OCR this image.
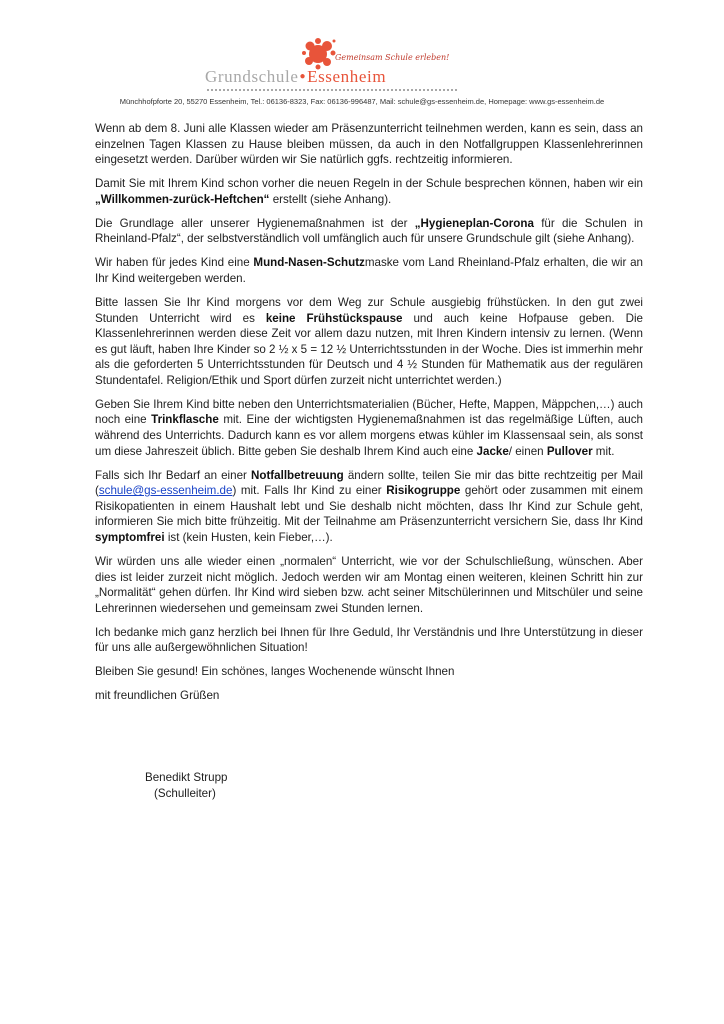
Gemeinsam Schule erleben!
Grundschule●Essenheim
Münchhofpforte 20, 55270 Essenheim, Tel.: 06136-8323, Fax: 06136-996487, Mail: schule@gs-essenheim.de, Homepage: www.gs-essenheim.de

Wenn ab dem 8. Juni alle Klassen wieder am Präsenzunterricht teilnehmen werden, kann es sein, dass an einzelnen Tagen Klassen zu Hause bleiben müssen, da auch in den Notfallgruppen Klassenlehrerinnen eingesetzt werden. Darüber würden wir Sie natürlich ggfs. rechtzeitig informieren.

Damit Sie mit Ihrem Kind schon vorher die neuen Regeln in der Schule besprechen können, haben wir ein „Willkommen-zurück-Heftchen“ erstellt (siehe Anhang).

Die Grundlage aller unserer Hygienemaßnahmen ist der „Hygieneplan-Corona für die Schulen in Rheinland-Pfalz“, der selbstverständlich voll umfänglich auch für unsere Grundschule gilt (siehe Anhang).

Wir haben für jedes Kind eine Mund-Nasen-Schutzmaske vom Land Rheinland-Pfalz erhalten, die wir an Ihr Kind weitergeben werden.

Bitte lassen Sie Ihr Kind morgens vor dem Weg zur Schule ausgiebig frühstücken. In den gut zwei Stunden Unterricht wird es keine Frühstückspause und auch keine Hofpause geben. Die Klassenlehrerinnen werden diese Zeit vor allem dazu nutzen, mit Ihren Kindern intensiv zu lernen. (Wenn es gut läuft, haben Ihre Kinder so 2 ½ x 5 = 12 ½ Unterrichtsstunden in der Woche. Dies ist immerhin mehr als die geforderten 5 Unterrichtsstunden für Deutsch und 4 ½ Stunden für Mathematik aus der regulären Stundentafel. Religion/Ethik und Sport dürfen zurzeit nicht unterrichtet werden.)

Geben Sie Ihrem Kind bitte neben den Unterrichtsmaterialien (Bücher, Hefte, Mappen, Mäppchen,…) auch noch eine Trinkflasche mit. Eine der wichtigsten Hygienemaßnahmen ist das regelmäßige Lüften, auch während des Unterrichts. Dadurch kann es vor allem morgens etwas kühler im Klassensaal sein, als sonst um diese Jahreszeit üblich. Bitte geben Sie deshalb Ihrem Kind auch eine Jacke/ einen Pullover mit.

Falls sich Ihr Bedarf an einer Notfallbetreuung ändern sollte, teilen Sie mir das bitte rechtzeitig per Mail (schule@gs-essenheim.de) mit. Falls Ihr Kind zu einer Risikogruppe gehört oder zusammen mit einem Risikopatienten in einem Haushalt lebt und Sie deshalb nicht möchten, dass Ihr Kind zur Schule geht, informieren Sie mich bitte frühzeitig. Mit der Teilnahme am Präsenzunterricht versichern Sie, dass Ihr Kind symptomfrei ist (kein Husten, kein Fieber,…).

Wir würden uns alle wieder einen „normalen“ Unterricht, wie vor der Schulschließung, wünschen. Aber dies ist leider zurzeit nicht möglich. Jedoch werden wir am Montag einen weiteren, kleinen Schritt hin zur „Normalität“ gehen dürfen. Ihr Kind wird sieben bzw. acht seiner Mitschülerinnen und Mitschüler und seine Lehrerinnen wiedersehen und gemeinsam zwei Stunden lernen.

Ich bedanke mich ganz herzlich bei Ihnen für Ihre Geduld, Ihr Verständnis und Ihre Unterstützung in dieser für uns alle außergewöhnlichen Situation!

Bleiben Sie gesund! Ein schönes, langes Wochenende wünscht Ihnen

mit freundlichen Grüßen

Benedikt Strupp
(Schulleiter)
